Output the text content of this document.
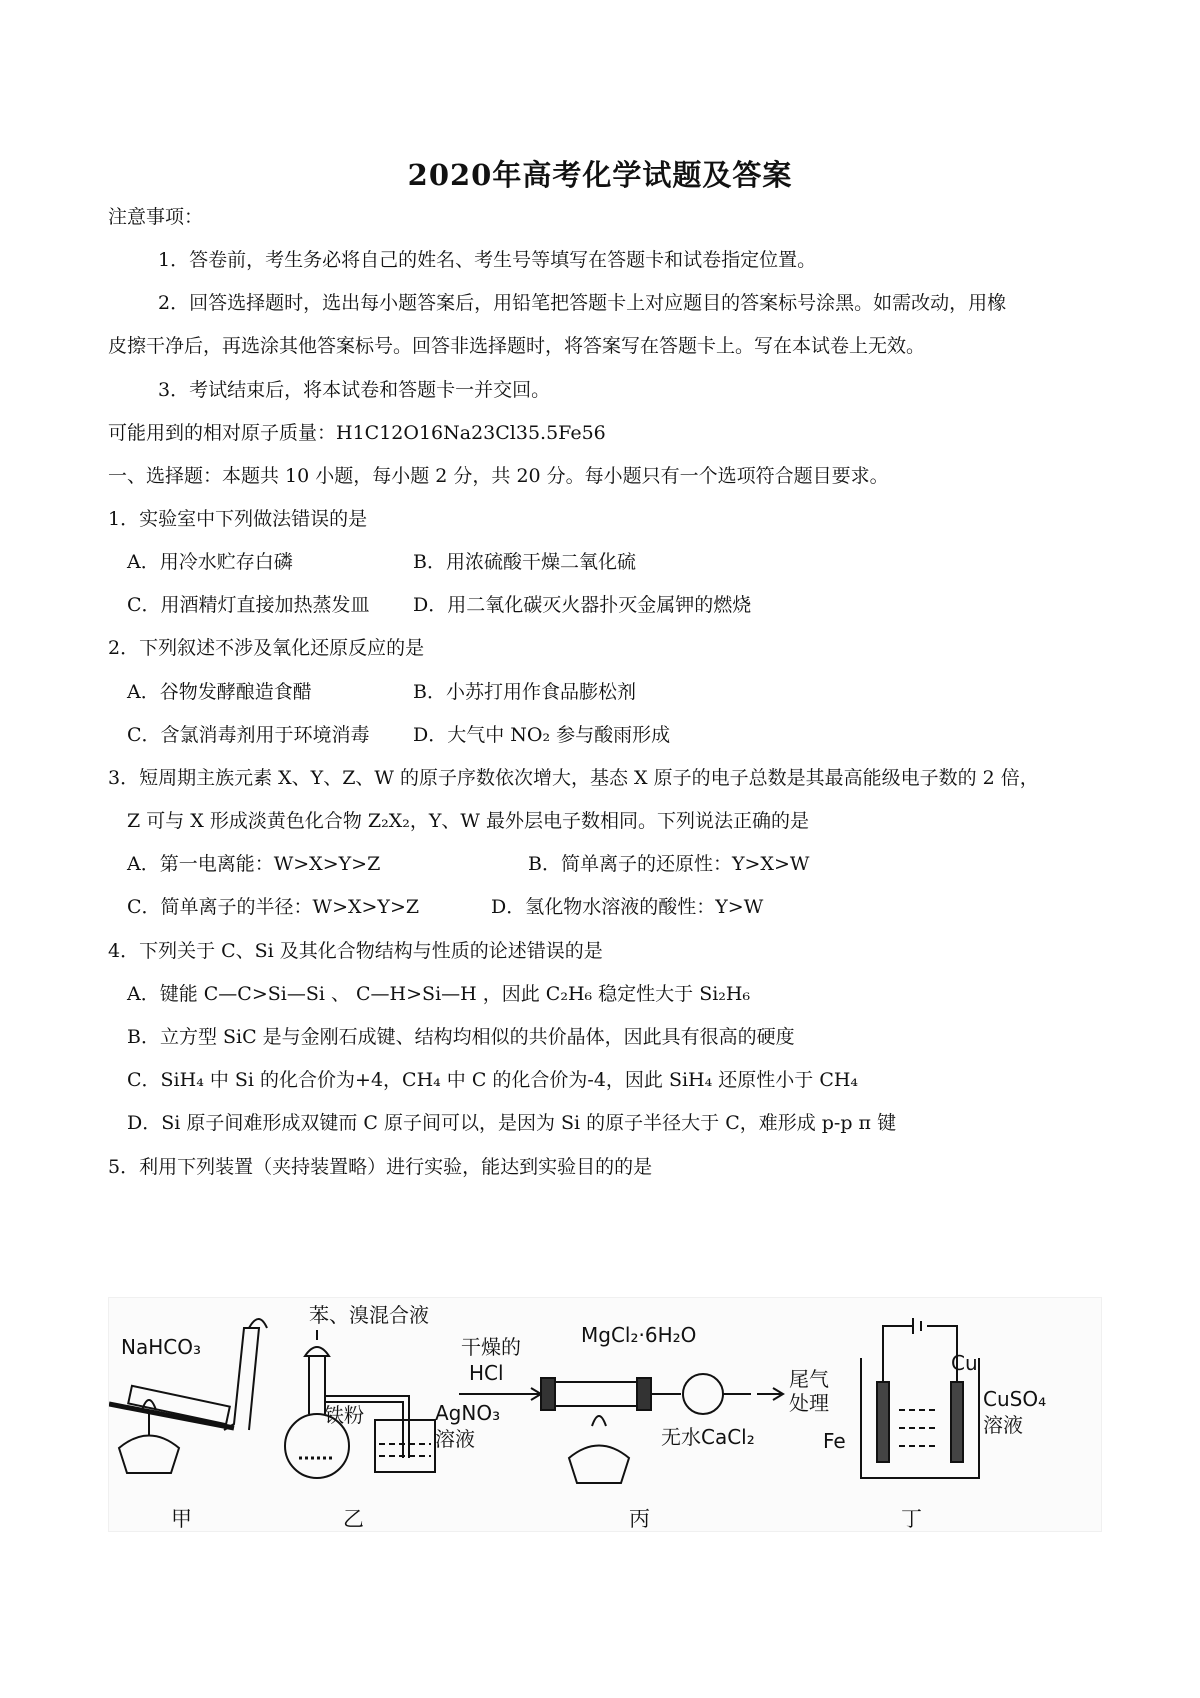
2020年高考化学试题及答案
注意事项：
1．答卷前，考生务必将自己的姓名、考生号等填写在答题卡和试卷指定位置。
2．回答选择题时，选出每小题答案后，用铅笔把答题卡上对应题目的答案标号涂黑。如需改动，用橡
皮擦干净后，再选涂其他答案标号。回答非选择题时，将答案写在答题卡上。写在本试卷上无效。
3．考试结束后，将本试卷和答题卡一并交回。
可能用到的相对原子质量：H1C12O16Na23Cl35.5Fe56
一、选择题：本题共 10 小题，每小题 2 分，共 20 分。每小题只有一个选项符合题目要求。
1．实验室中下列做法错误的是
A．用冷水贮存白磷	B．用浓硫酸干燥二氧化硫
C．用酒精灯直接加热蒸发皿 D．用二氧化碳灭火器扑灭金属钾的燃烧
2．下列叙述不涉及氧化还原反应的是
A．谷物发酵酿造食醋	B．小苏打用作食品膨松剂
C．含氯消毒剂用于环境消毒 D．大气中 NO₂ 参与酸雨形成
3．短周期主族元素 X、Y、Z、W 的原子序数依次增大，基态 X 原子的电子总数是其最高能级电子数的 2 倍，
Z 可与 X 形成淡黄色化合物 Z₂X₂，Y、W 最外层电子数相同。下列说法正确的是
A．第一电离能：W>X>Y>Z	B．简单离子的还原性：Y>X>W
C．简单离子的半径：W>X>Y>Z	D．氢化物水溶液的酸性：Y>W
4．下列关于 C、Si 及其化合物结构与性质的论述错误的是
A．键能 C—C>Si—Si 、 C—H>Si—H ，因此 C₂H₆ 稳定性大于 Si₂H₆
B．立方型 SiC 是与金刚石成键、结构均相似的共价晶体，因此具有很高的硬度
C．SiH₄ 中 Si 的化合价为+4，CH₄ 中 C 的化合价为-4，因此 SiH₄ 还原性小于 CH₄
D．Si 原子间难形成双键而 C 原子间可以，是因为 Si 的原子半径大于 C，难形成 p-p π 键
5．利用下列装置（夹持装置略）进行实验，能达到实验目的的是
NaHCO₃
甲
苯、溴混合液
铁粉	AgNO₃
溶液
乙
干燥的
HCl
MgCl₂·6H₂O
无水CaCl₂
尾气
处理
丙
Cu
Fe
CuSO₄
溶液
丁
